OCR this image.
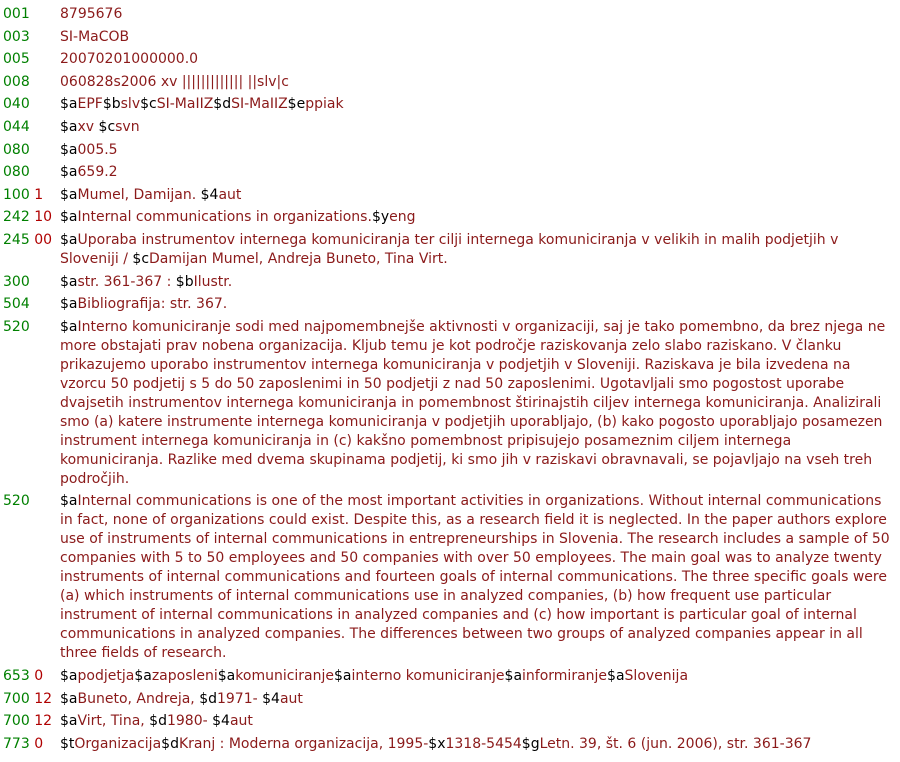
001	8795676
003	SI-MaCOB
005	20070201000000.0
008	060828s2006 xv ||||||||||||| ||slv|c
040	$aEPF$bslv$cSI-MaIIZ$dSI-MaIIZ$eppiak
044	$axv $csvn
080	$a005.5
080	$a659.2
100 1	$aMumel, Damijan. $4aut
242 10 $aInternal communications in organizations.$yeng
245 00 $aUporaba instrumentov internega komuniciranja ter cilji internega komuniciranja v velikih in malih podjetjih v Sloveniji / $cDamijan Mumel, Andreja Buneto, Tina Virt.
300	$astr. 361-367 : $bIlustr.
504	$aBibliografija: str. 367.
520	$aInterno komuniciranje sodi med najpomembnejše aktivnosti v organizaciji, saj je tako pomembno, da brez njega ne more obstajati prav nobena organizacija. Kljub temu je kot področje raziskovanja zelo slabo raziskano. V članku prikazujemo uporabo instrumentov internega komuniciranja v podjetjih v Sloveniji. Raziskava je bila izvedena na vzorcu 50 podjetij s 5 do 50 zaposlenimi in 50 podjetji z nad 50 zaposlenimi. Ugotavljali smo pogostost uporabe dvajsetih instrumentov internega komuniciranja in pomembnost štirinajstih ciljev internega komuniciranja. Analizirali smo (a) katere instrumente internega komuniciranja v podjetjih uporabljajo, (b) kako pogosto uporabljajo posamezen instrument internega komuniciranja in (c) kakšno pomembnost pripisujejo posameznim ciljem internega komuniciranja. Razlike med dvema skupinama podjetij, ki smo jih v raziskavi obravnavali, se pojavljajo na vseh treh področjih.
520	$aInternal communications is one of the most important activities in organizations. Without internal communications in fact, none of organizations could exist. Despite this, as a research field it is neglected. In the paper authors explore use of instruments of internal communications in entrepreneurships in Slovenia. The research includes a sample of 50 companies with 5 to 50 employees and 50 companies with over 50 employees. The main goal was to analyze twenty instruments of internal communications and fourteen goals of internal communications. The three specific goals were (a) which instruments of internal communications use in analyzed companies, (b) how frequent use particular instrument of internal communications in analyzed companies and (c) how important is particular goal of internal communications in analyzed companies. The differences between two groups of analyzed companies appear in all three fields of research.
653 0	$apodjetja$azaposleni$akomuniciranje$ainterno komuniciranje$ainformiranje$aSlovenija
700 12 $aBuneto, Andreja, $d1971- $4aut
700 12 $aVirt, Tina, $d1980- $4aut
773 0	$tOrganizacija$dKranj : Moderna organizacija, 1995-$x1318-5454$gLetn. 39, št. 6 (jun. 2006), str. 361-367
